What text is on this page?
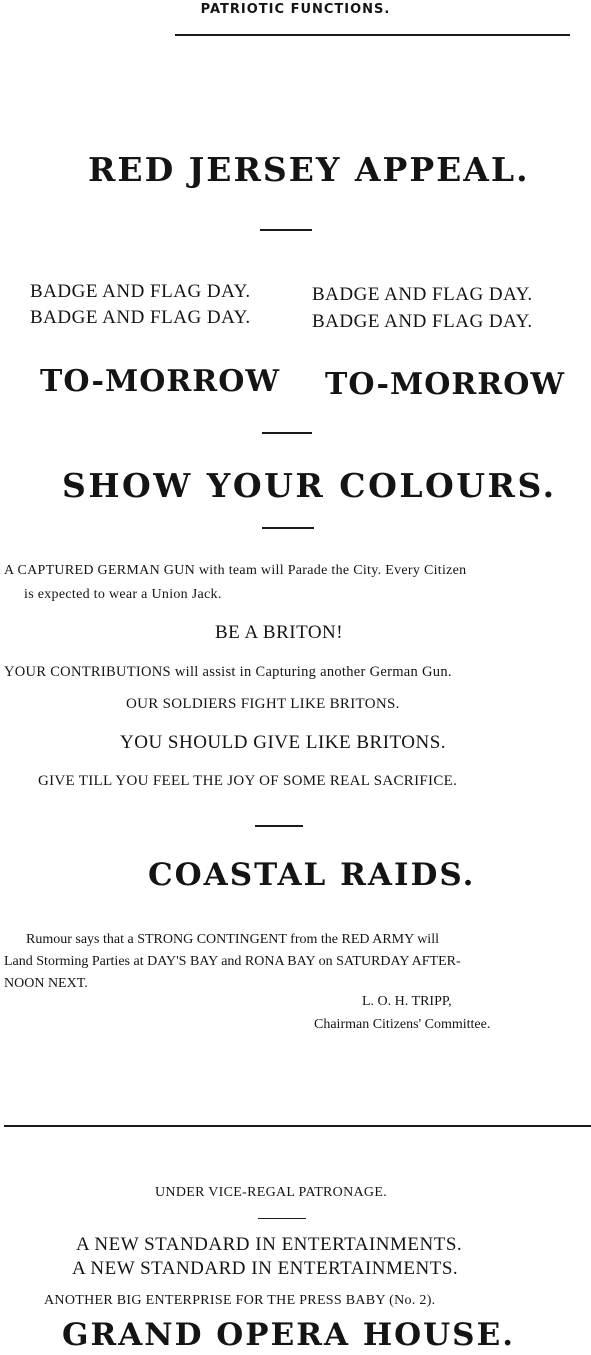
PATRIOTIC FUNCTIONS.
RED JERSEY APPEAL.
BADGE AND FLAG DAY.
BADGE AND FLAG DAY.
BADGE AND FLAG DAY.
BADGE AND FLAG DAY.
TO-MORROW TO-MORROW
SHOW YOUR COLOURS.
A CAPTURED GERMAN GUN with team will Parade the City. Every Citizen
is expected to wear a Union Jack.
BE A BRITON!
YOUR CONTRIBUTIONS will assist in Capturing another German Gun.
OUR SOLDIERS FIGHT LIKE BRITONS.
YOU SHOULD GIVE LIKE BRITONS.
GIVE TILL YOU FEEL THE JOY OF SOME REAL SACRIFICE.
COASTAL RAIDS.
Rumour says that a STRONG CONTINGENT from the RED ARMY will
Land Storming Parties at DAY'S BAY and RONA BAY on SATURDAY AFTER-
NOON NEXT.
L. O. H. TRIPP,
Chairman Citizens' Committee.
UNDER VICE-REGAL PATRONAGE.
A NEW STANDARD IN ENTERTAINMENTS.
A NEW STANDARD IN ENTERTAINMENTS.
ANOTHER BIG ENTERPRISE FOR THE PRESS BABY (No. 2).
GRAND OPERA HOUSE.
